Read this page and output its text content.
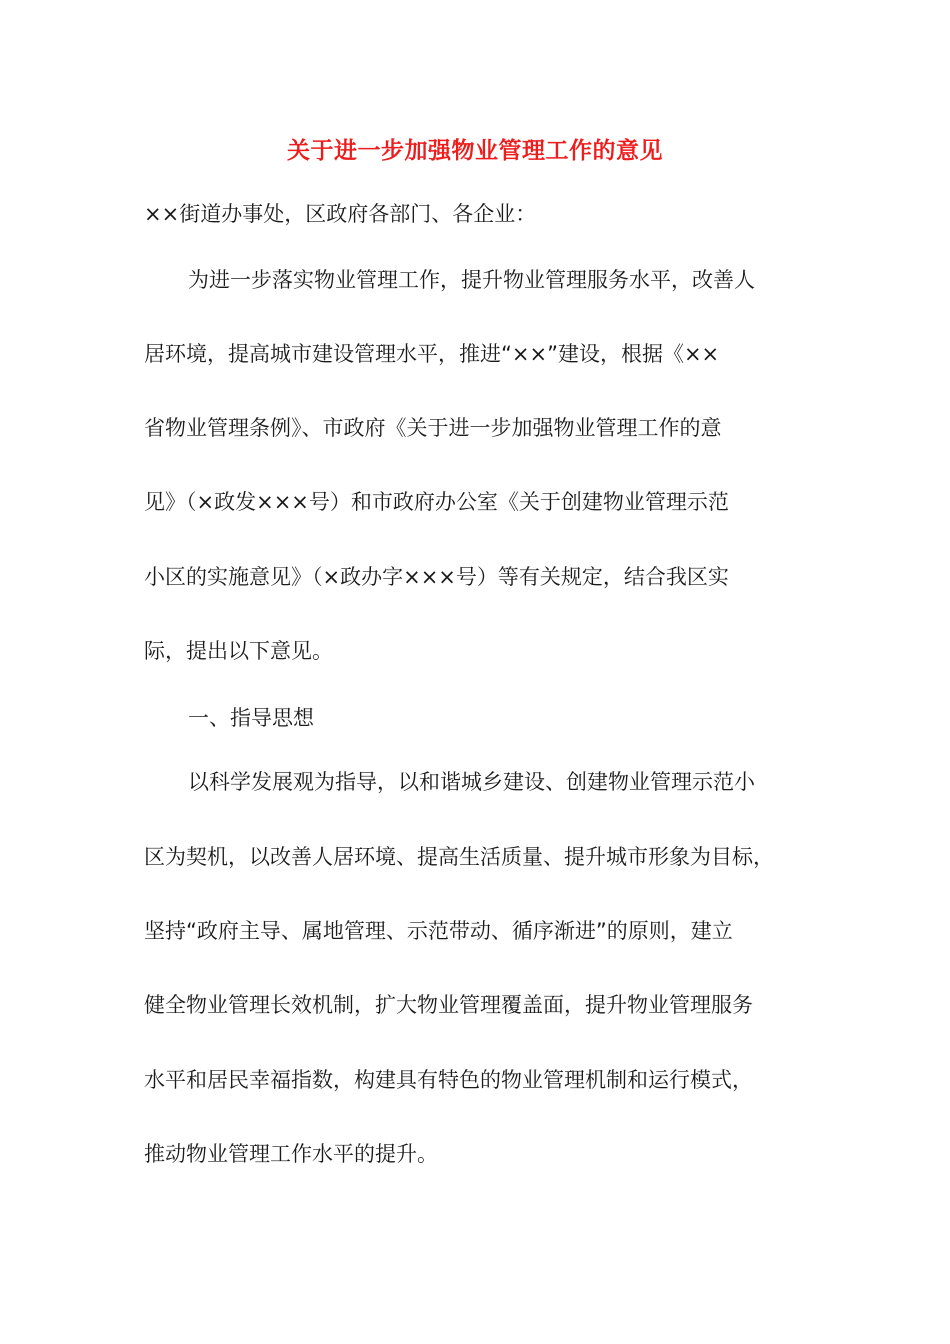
关于进一步加强物业管理工作的意见
××街道办事处，区政府各部门、各企业：
为进一步落实物业管理工作，提升物业管理服务水平，改善人
居环境，提高城市建设管理水平，推进“××”建设，根据《××
省物业管理条例》、市政府《关于进一步加强物业管理工作的意
见》（×政发×××号）和市政府办公室《关于创建物业管理示范
小区的实施意见》（×政办字×××号）等有关规定，结合我区实
际，提出以下意见。
一、指导思想
以科学发展观为指导，以和谐城乡建设、创建物业管理示范小
区为契机，以改善人居环境、提高生活质量、提升城市形象为目标，
坚持“政府主导、属地管理、示范带动、循序渐进”的原则，建立
健全物业管理长效机制，扩大物业管理覆盖面，提升物业管理服务
水平和居民幸福指数，构建具有特色的物业管理机制和运行模式，
推动物业管理工作水平的提升。
